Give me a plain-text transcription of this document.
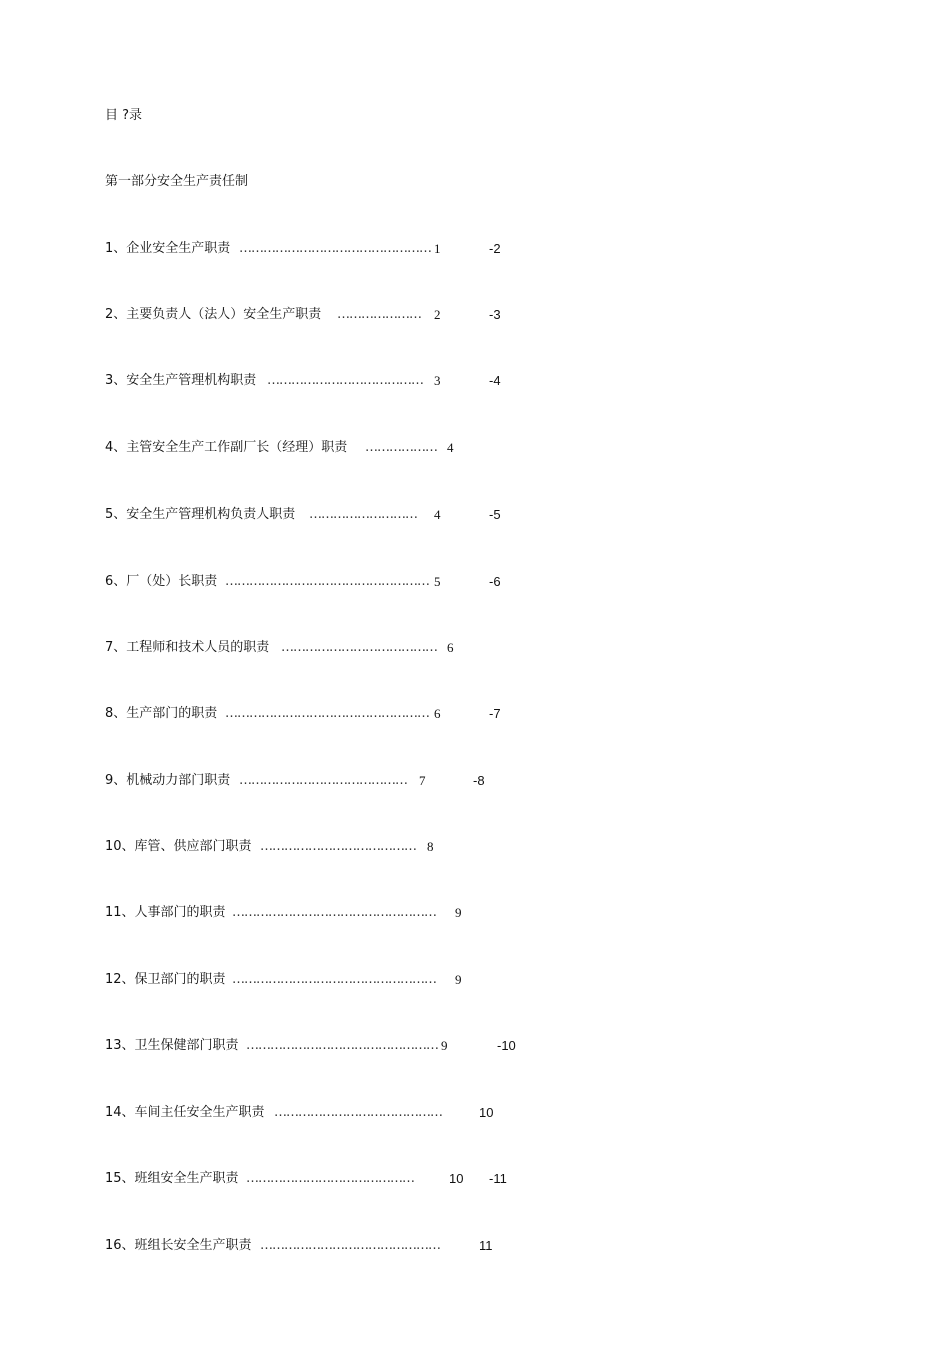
目 ?录
第一部分安全生产责任制
1、企业安全生产职责 ………………………………………… 1	-2
2、主要负责人（法人）安全生产职责 ………………… 2	-3
3、安全生产管理机构职责 ………………………………… 3	-4
4、主管安全生产工作副厂长（经理）职责 ……………… 4
5、安全生产管理机构负责人职责 ……………………… 4	-5
6、厂（处）长职责 …………………………………………… 5	-6
7、工程师和技术人员的职责 ………………………………… 6
8、生产部门的职责 …………………………………………… 6	-7
9、机械动力部门职责 …………………………………… 7	-8
10、库管、供应部门职责 ………………………………… 8
11、人事部门的职责 …………………………………………… 9
12、保卫部门的职责 …………………………………………… 9
13、卫生保健部门职责 ………………………………………… 9	-10
14、车间主任安全生产职责 ……………………………………	10
15、班组安全生产职责 ……………………………………	10 -11
16、班组长安全生产职责 ………………………………………	11
